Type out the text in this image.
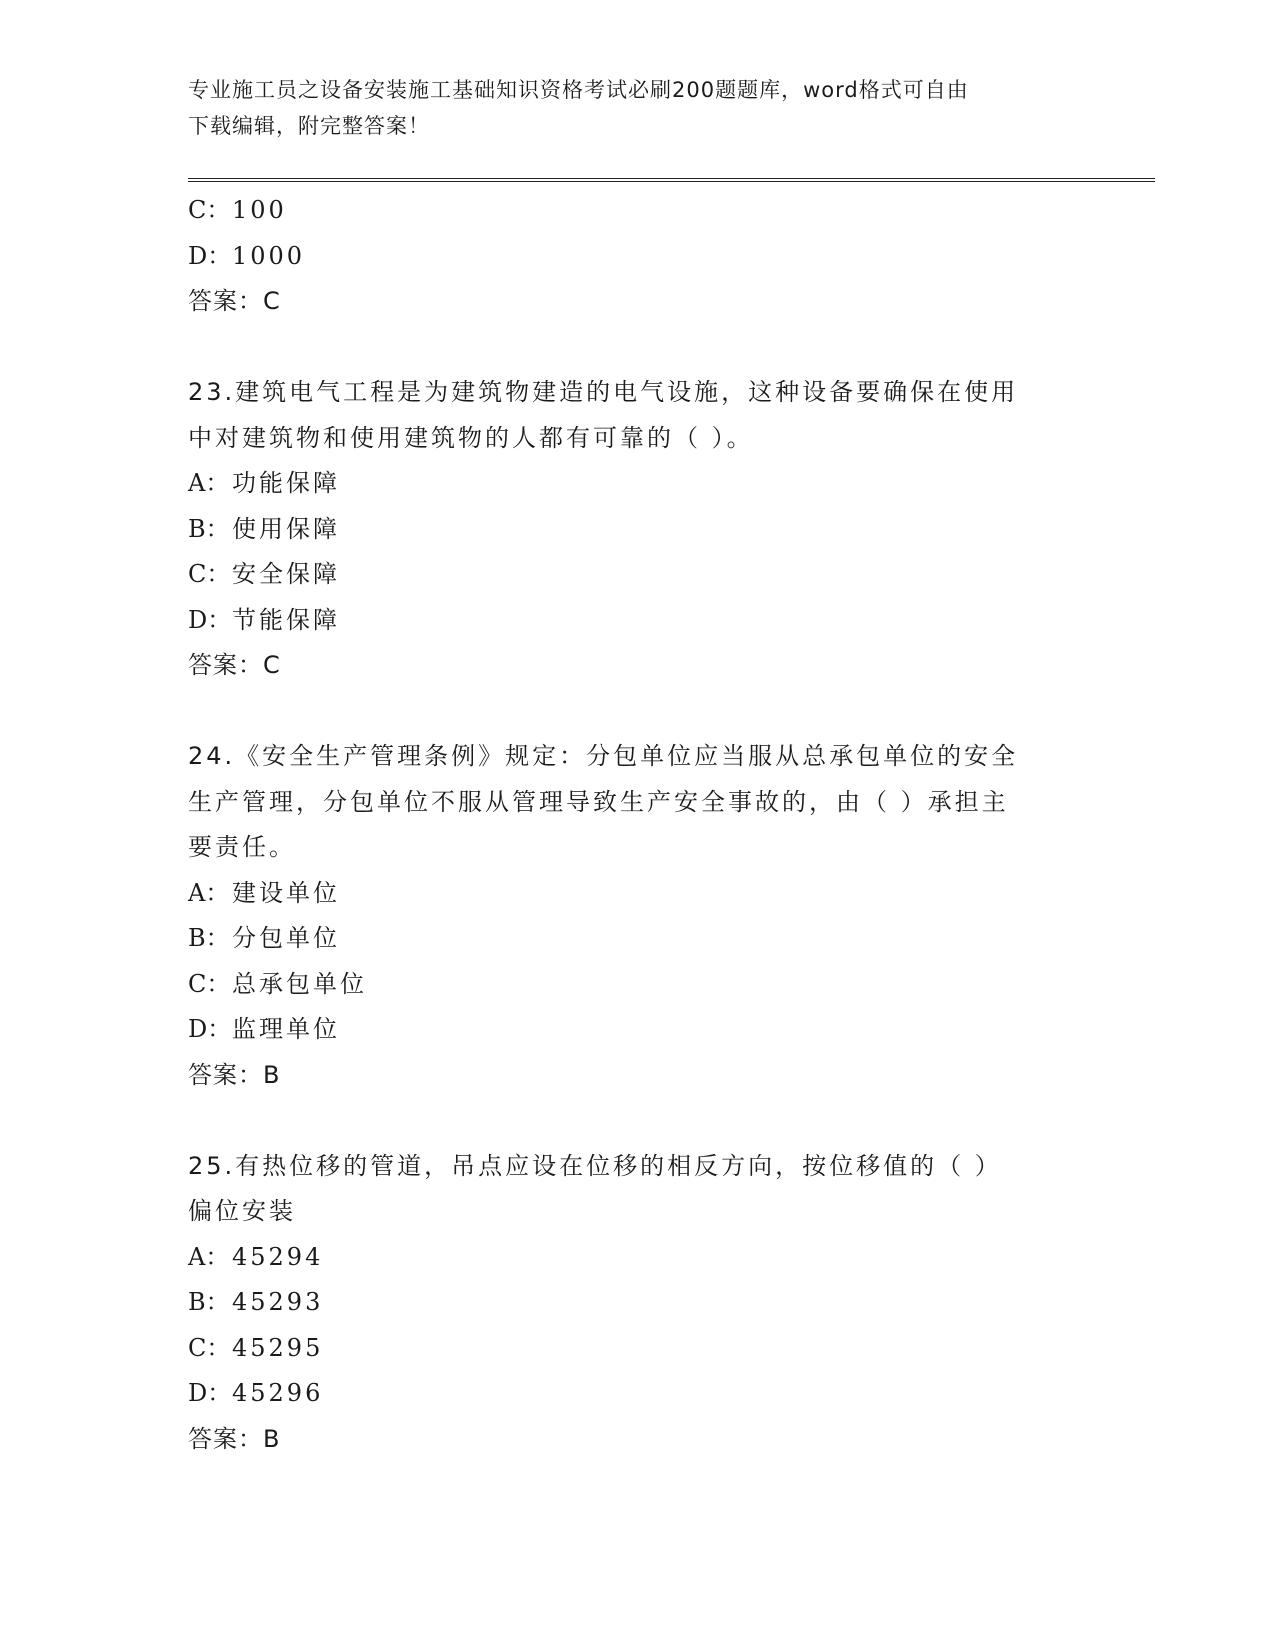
专业施工员之设备安装施工基础知识资格考试必刷200题题库，word格式可自由
下载编辑，附完整答案！
C：100
D：1000
答案：C
23.建筑电气工程是为建筑物建造的电气设施，这种设备要确保在使用
中对建筑物和使用建筑物的人都有可靠的（ ）。
A： 功能保障
B：使用保障
C：安全保障
D：节能保障
答案：C
24.《安全生产管理条例》规定：分包单位应当服从总承包单位的安全
生产管理，分包单位不服从管理导致生产安全事故的，由（ ）承担主
要责任。
A： 建设单位
B：分包单位
C：总承包单位
D：监理单位
答案：B
25.有热位移的管道，吊点应设在位移的相反方向，按位移值的（ ）
偏位安装
A： 45294
B：45293
C：45295
D：45296
答案：B
